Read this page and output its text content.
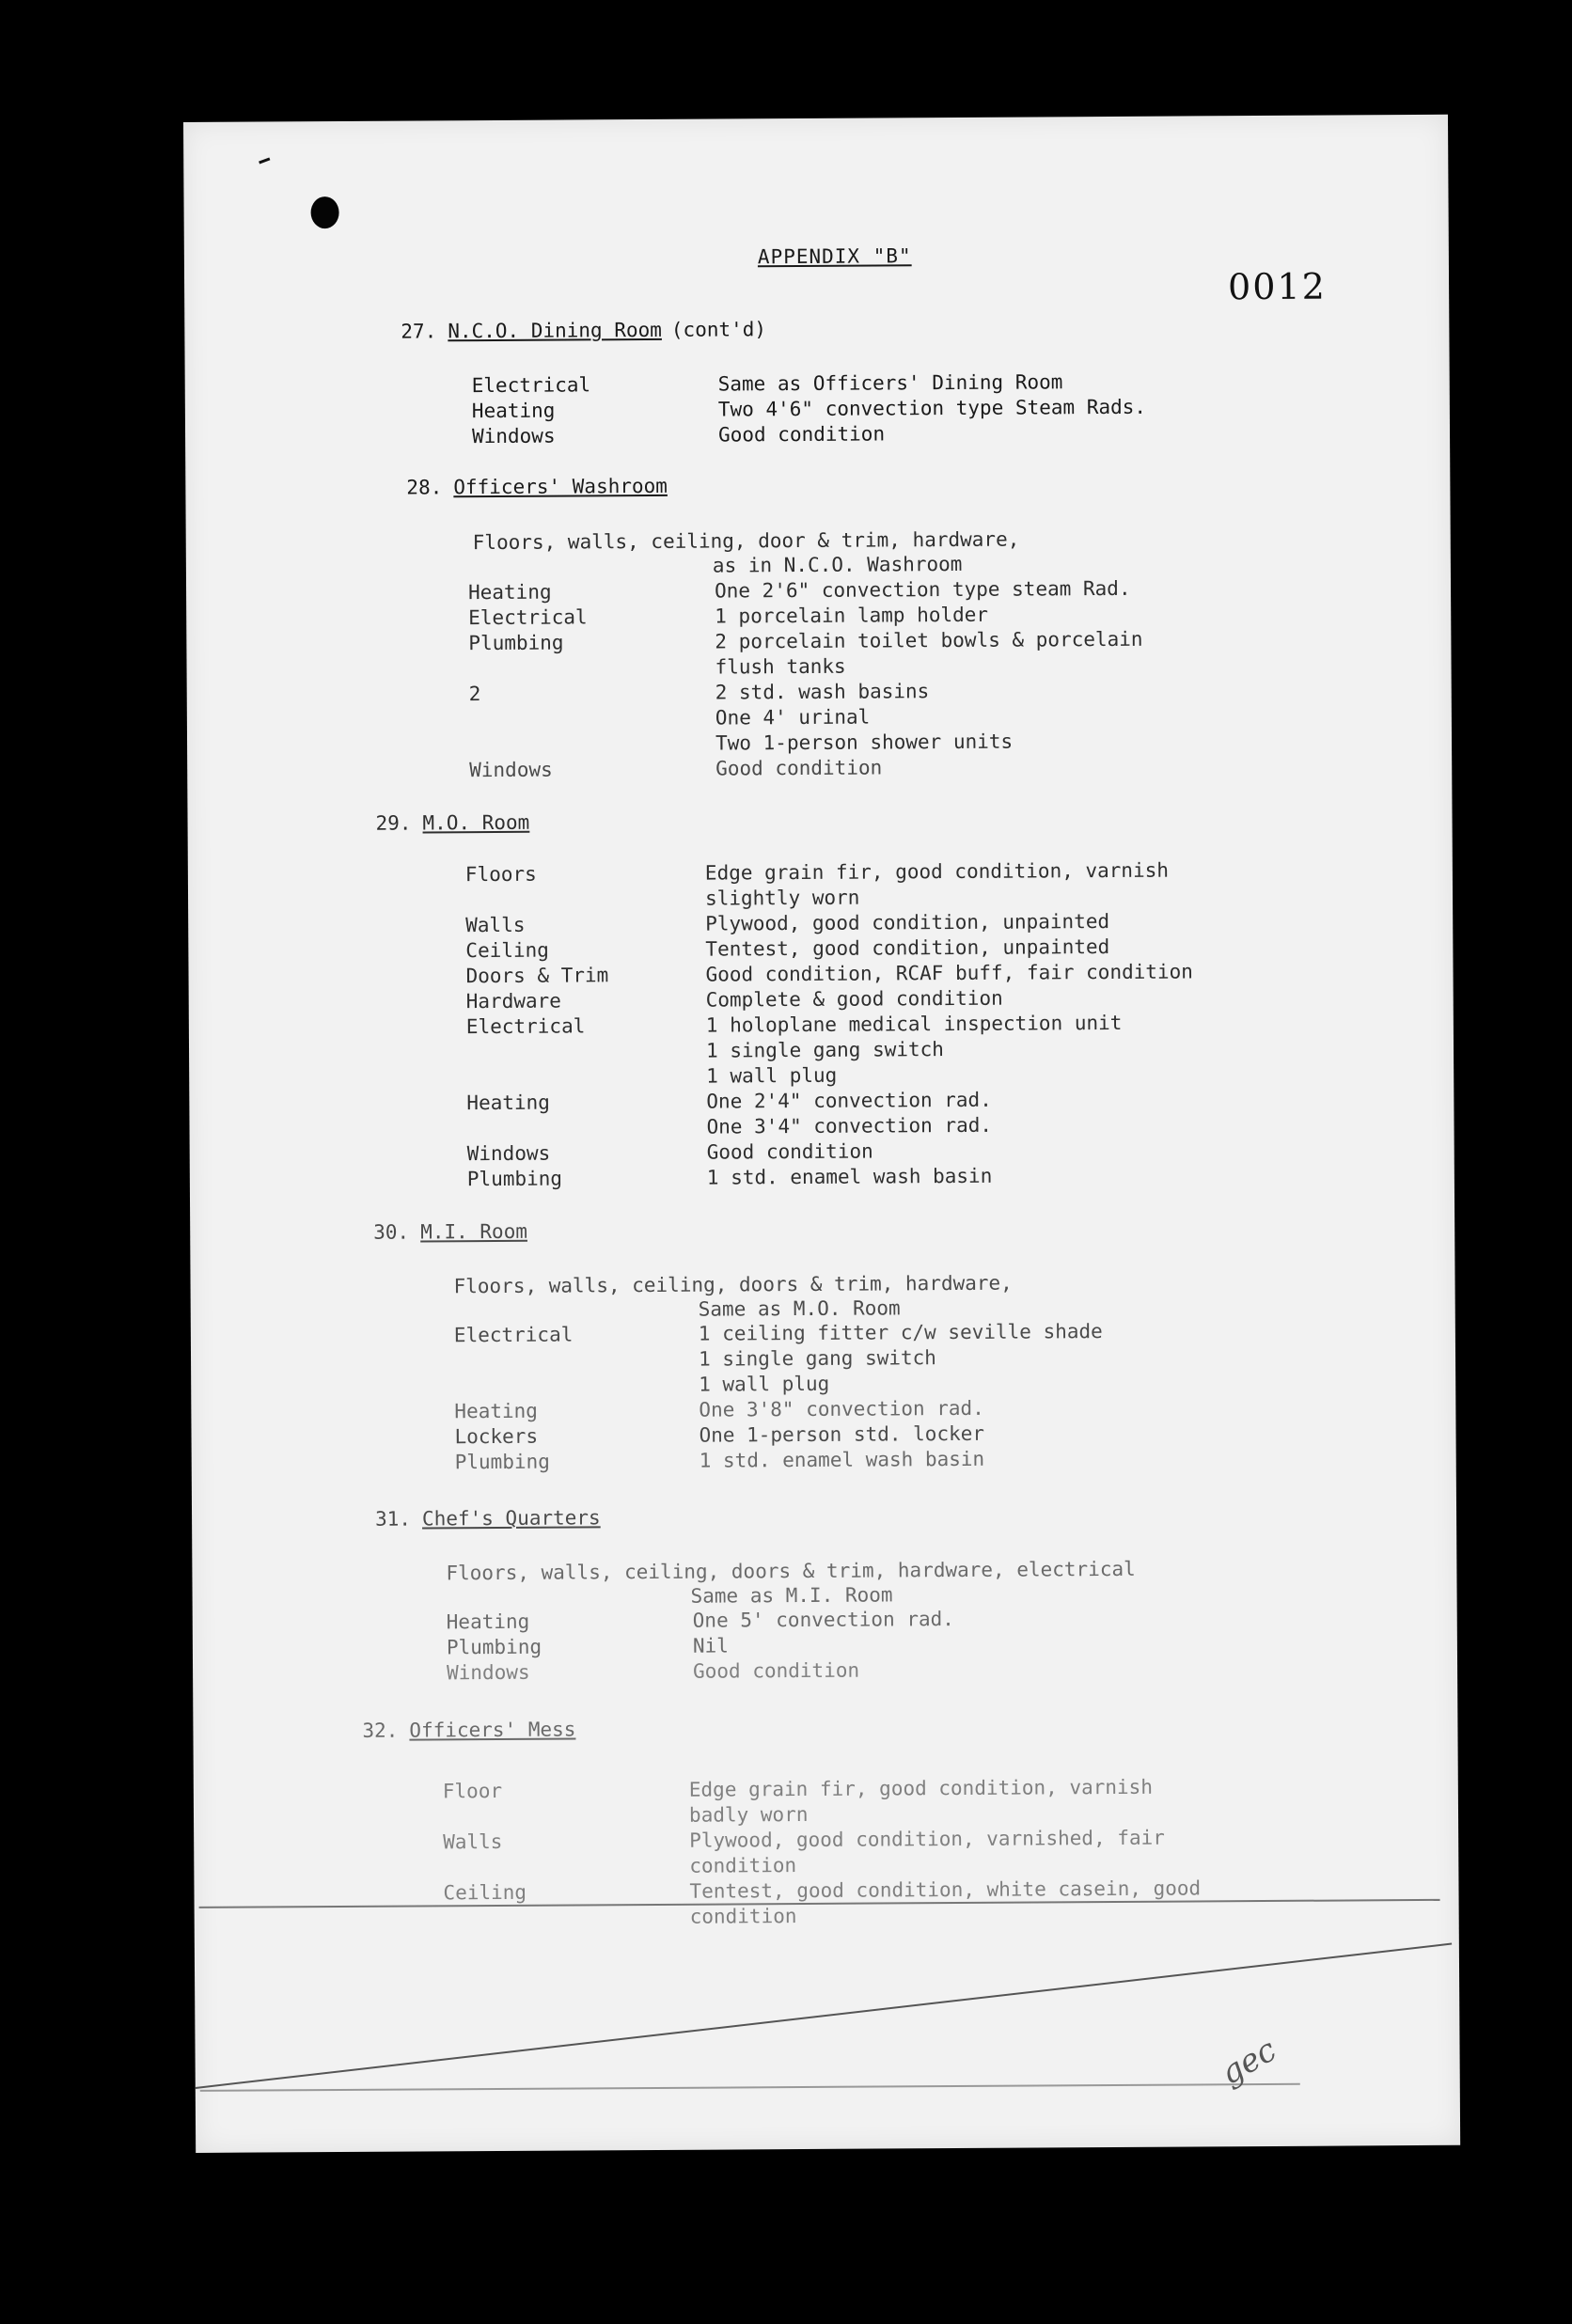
APPENDIX "B"
0012
27. N.C.O. Dining Room (cont'd)
Electrical	Same as Officers' Dining Room
Heating	Two 4'6" convection type Steam Rads.
Windows	Good condition
28. Officers' Washroom
Floors, walls, ceiling, door & trim, hardware,
as in N.C.O. Washroom
Heating	One 2'6" convection type steam Rad.
Electrical	1 porcelain lamp holder
Plumbing	2 porcelain toilet bowls & porcelain
flush tanks
2	2 std. wash basins
One 4' urinal
Two 1-person shower units
Windows	Good condition
29. M.O. Room
Floors	Edge grain fir, good condition, varnish
slightly worn
Walls	Plywood, good condition, unpainted
Ceiling	Tentest, good condition, unpainted
Doors & Trim	Good condition, RCAF buff, fair condition
Hardware	Complete & good condition
Electrical	1 holoplane medical inspection unit
1 single gang switch
1 wall plug
Heating	One 2'4" convection rad.
One 3'4" convection rad.
Windows	Good condition
Plumbing	1 std. enamel wash basin
30. M.I. Room
Floors, walls, ceiling, doors & trim, hardware,
Same as M.O. Room
Electrical	1 ceiling fitter c/w seville shade
1 single gang switch
1 wall plug
Heating	One 3'8" convection rad.
Lockers	One 1-person std. locker
Plumbing	1 std. enamel wash basin
31. Chef's Quarters
Floors, walls, ceiling, doors & trim, hardware, electrical
Same as M.I. Room
Heating	One 5' convection rad.
Plumbing	Nil
Windows	Good condition
32. Officers' Mess
Floor	Edge grain fir, good condition, varnish
badly worn
Walls	Plywood, good condition, varnished, fair
condition
Ceiling	Tentest, good condition, white casein, good
condition
gec
